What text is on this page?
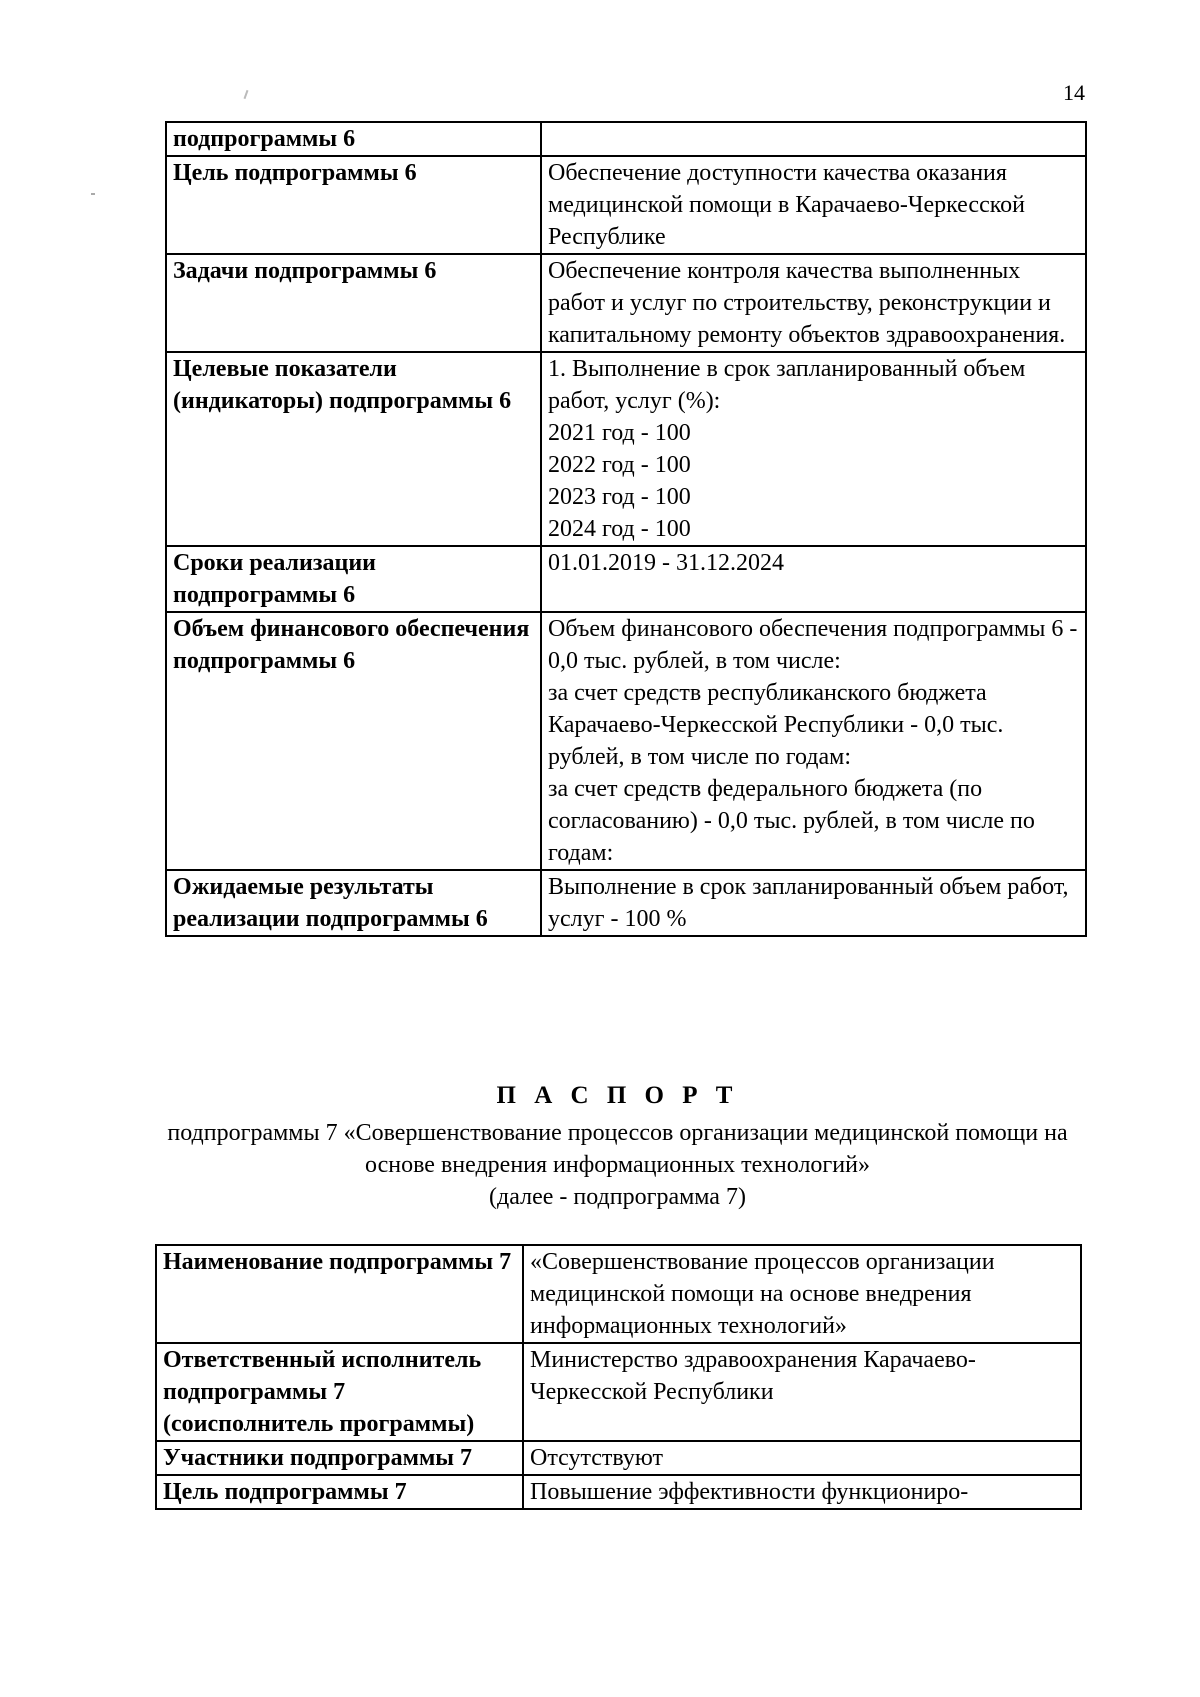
14
подпрограммы 6	

Цель подпрограммы 6	Обеспечение доступности качества оказания медицинской помощи в Карачаево-Черкесской Республике

Задачи подпрограммы 6	Обеспечение контроля качества выполненных работ и услуг по строительству, реконструкции и капитальному ремонту объектов здравоохранения.

Целевые показатели (индикаторы) подпрограммы 6	1. Выполнение в срок запланированный объем работ, услуг (%):

2021 год - 100

2022 год - 100

2023 год - 100

2024 год - 100

Сроки реализации подпрограммы 6	01.01.2019 - 31.12.2024

Объем финансового обеспечения подпрограммы 6	Объем финансового обеспечения подпрограммы 6 - 0,0 тыс. рублей, в том числе:

за счет средств республиканского бюджета Карачаево-Черкесской Республики - 0,0 тыс. рублей, в том числе по годам:

за счет средств федерального бюджета (по согласованию) - 0,0 тыс. рублей, в том числе по годам:

Ожидаемые результаты реализации подпрограммы 6	Выполнение в срок запланированный объем работ, услуг - 100 %

П А С П О Р Т
подпрограммы 7 «Совершенствование процессов организации медицинской помощи на основе внедрения информационных технологий»
(далее - подпрограмма 7)
Наименование подпрограммы 7	«Совершенствование процессов организации медицинской помощи на основе внедрения информационных технологий»

Ответственный исполнитель подпрограммы 7 (соисполнитель программы)	Министерство здравоохранения Карачаево-Черкесской Республики

Участники подпрограммы 7	Отсутствуют

Цель подпрограммы 7	Повышение эффективности функциониро-
